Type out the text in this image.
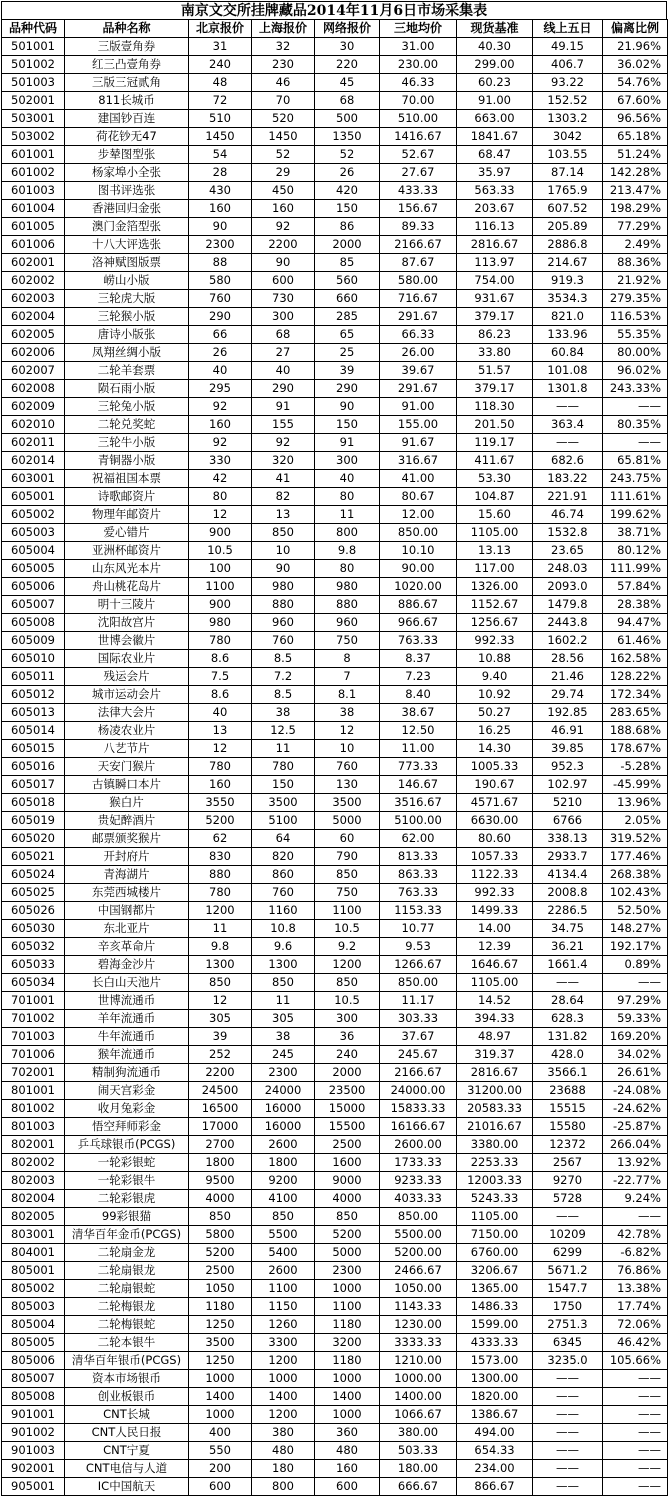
南京文交所挂牌藏品2014年11月6日市场采集表
品种代码	品种名称	北京报价	上海报价	网络报价	三地均价	现货基准	线上五日	偏离比例
501001	三版壹角券	31	32	30	31.00	40.30	49.15	21.96%
501002	红三凸壹角券	240	230	220	230.00	299.00	406.7	36.02%
501003	三版三冠贰角	48	46	45	46.33	60.23	93.22	54.76%
502001	811长城币	72	70	68	70.00	91.00	152.52	67.60%
503001	建国钞百连	510	520	500	510.00	663.00	1303.2	96.56%
503002	荷花钞无47	1450	1450	1350	1416.67	1841.67	3042	65.18%
601001	步辇图型张	54	52	52	52.67	68.47	103.55	51.24%
601002	杨家埠小全张	28	29	26	27.67	35.97	87.14	142.28%
601003	图书评选张	430	450	420	433.33	563.33	1765.9	213.47%
601004	香港回归金张	160	160	150	156.67	203.67	607.52	198.29%
601005	澳门金箔型张	90	92	86	89.33	116.13	205.89	77.29%
601006	十八大评选张	2300	2200	2000	2166.67	2816.67	2886.8	2.49%
602001	洛神赋图版票	88	90	85	87.67	113.97	214.67	88.36%
602002	崂山小版	580	600	560	580.00	754.00	919.3	21.92%
602003	三轮虎大版	760	730	660	716.67	931.67	3534.3	279.35%
602004	三轮猴小版	290	300	285	291.67	379.17	821.0	116.53%
602005	唐诗小版张	66	68	65	66.33	86.23	133.96	55.35%
602006	凤翔丝绸小版	26	27	25	26.00	33.80	60.84	80.00%
602007	二轮羊套票	40	40	39	39.67	51.57	101.08	96.02%
602008	陨石雨小版	295	290	290	291.67	379.17	1301.8	243.33%
602009	三轮兔小版	92	91	90	91.00	118.30	——	——
602010	二轮兑奖蛇	160	155	150	155.00	201.50	363.4	80.35%
602011	三轮牛小版	92	92	91	91.67	119.17	——	——
602014	青铜器小版	330	320	300	316.67	411.67	682.6	65.81%
603001	祝福祖国本票	42	41	40	41.00	53.30	183.22	243.75%
605001	诗歌邮资片	80	82	80	80.67	104.87	221.91	111.61%
605002	物理年邮资片	12	13	11	12.00	15.60	46.74	199.62%
605003	爱心错片	900	850	800	850.00	1105.00	1532.8	38.71%
605004	亚洲杯邮资片	10.5	10	9.8	10.10	13.13	23.65	80.12%
605005	山东风光本片	100	90	80	90.00	117.00	248.03	111.99%
605006	舟山桃花岛片	1100	980	980	1020.00	1326.00	2093.0	57.84%
605007	明十三陵片	900	880	880	886.67	1152.67	1479.8	28.38%
605008	沈阳故宫片	980	960	960	966.67	1256.67	2443.8	94.47%
605009	世博会徽片	780	760	750	763.33	992.33	1602.2	61.46%
605010	国际农业片	8.6	8.5	8	8.37	10.88	28.56	162.58%
605011	残运会片	7.5	7.2	7	7.23	9.40	21.46	128.22%
605012	城市运动会片	8.6	8.5	8.1	8.40	10.92	29.74	172.34%
605013	法律大会片	40	38	38	38.67	50.27	192.85	283.65%
605014	杨凌农业片	13	12.5	12	12.50	16.25	46.91	188.68%
605015	八艺节片	12	11	10	11.00	14.30	39.85	178.67%
605016	天安门猴片	780	780	760	773.33	1005.33	952.3	-5.28%
605017	古镇瞬口本片	160	150	130	146.67	190.67	102.97	-45.99%
605018	猴白片	3550	3500	3500	3516.67	4571.67	5210	13.96%
605019	贵妃醉酒片	5200	5100	5000	5100.00	6630.00	6766	2.05%
605020	邮票颁奖猴片	62	64	60	62.00	80.60	338.13	319.52%
605021	开封府片	830	820	790	813.33	1057.33	2933.7	177.46%
605024	青海湖片	880	860	850	863.33	1122.33	4134.4	268.38%
605025	东莞西城楼片	780	760	750	763.33	992.33	2008.8	102.43%
605026	中国钢都片	1200	1160	1100	1153.33	1499.33	2286.5	52.50%
605030	东北亚片	11	10.8	10.5	10.77	14.00	34.75	148.27%
605032	辛亥革命片	9.8	9.6	9.2	9.53	12.39	36.21	192.17%
605033	碧海金沙片	1300	1300	1200	1266.67	1646.67	1661.4	0.89%
605034	长白山天池片	850	850	850	850.00	1105.00	——	——
701001	世博流通币	12	11	10.5	11.17	14.52	28.64	97.29%
701002	羊年流通币	305	305	300	303.33	394.33	628.3	59.33%
701003	牛年流通币	39	38	36	37.67	48.97	131.82	169.20%
701006	猴年流通币	252	245	240	245.67	319.37	428.0	34.02%
702001	精制狗流通币	2200	2300	2000	2166.67	2816.67	3566.1	26.61%
801001	闹天宫彩金	24500	24000	23500	24000.00	31200.00	23688	-24.08%
801002	收月兔彩金	16500	16000	15000	15833.33	20583.33	15515	-24.62%
801003	悟空拜师彩金	17000	16000	15500	16166.67	21016.67	15580	-25.87%
802001	乒乓球银币(PCGS)	2700	2600	2500	2600.00	3380.00	12372	266.04%
802002	一轮彩银蛇	1800	1800	1600	1733.33	2253.33	2567	13.92%
802003	一轮彩银牛	9500	9200	9000	9233.33	12003.33	9270	-22.77%
802004	二轮彩银虎	4000	4100	4000	4033.33	5243.33	5728	9.24%
802005	99彩银猫	850	850	850	850.00	1105.00	——	——
803001	清华百年金币(PCGS)	5800	5500	5200	5500.00	7150.00	10209	42.78%
804001	二轮扇金龙	5200	5400	5000	5200.00	6760.00	6299	-6.82%
805001	二轮扇银龙	2500	2600	2300	2466.67	3206.67	5671.2	76.86%
805002	二轮扇银蛇	1050	1100	1000	1050.00	1365.00	1547.7	13.38%
805003	二轮梅银龙	1180	1150	1100	1143.33	1486.33	1750	17.74%
805004	二轮梅银蛇	1250	1260	1180	1230.00	1599.00	2751.3	72.06%
805005	二轮本银牛	3500	3300	3200	3333.33	4333.33	6345	46.42%
805006	清华百年银币(PCGS)	1250	1200	1180	1210.00	1573.00	3235.0	105.66%
805007	资本市场银币	1000	1000	1000	1000.00	1300.00	——	——
805008	创业板银币	1400	1400	1400	1400.00	1820.00	——	——
901001	CNT长城	1000	1200	1000	1066.67	1386.67	——	——
901002	CNT人民日报	400	380	360	380.00	494.00	——	——
901003	CNT宁夏	550	480	480	503.33	654.33	——	——
902001	CNT电信与人道	200	180	160	180.00	234.00	——	——
905001	IC中国航天	600	800	600	666.67	866.67	——	——
